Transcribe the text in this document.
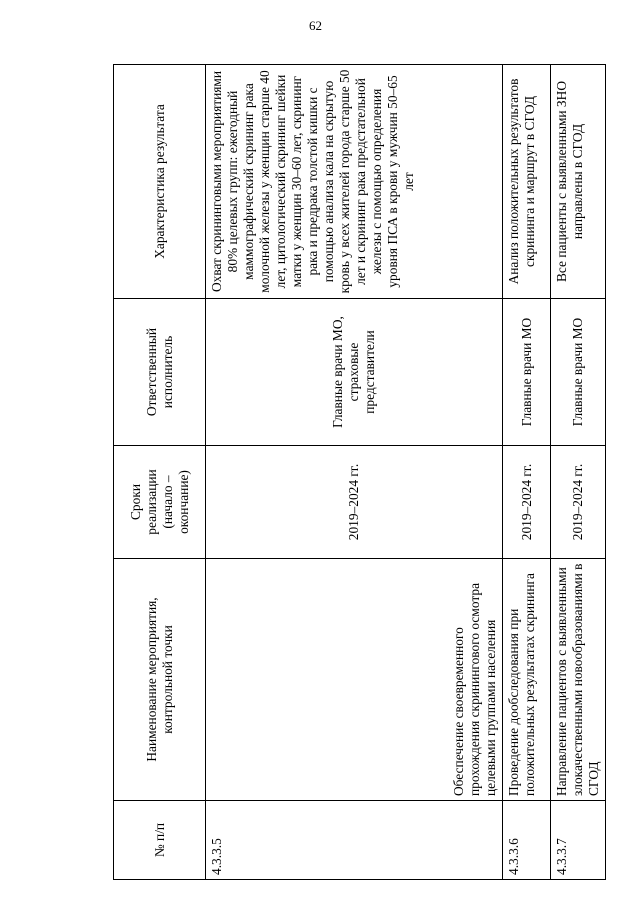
62
№ п/п	Наименование мероприятия, контрольной точки	Сроки реализации (начало – окончание)	Ответственный исполнитель	Характеристика результата
4.3.3.5	Обеспечение своевременного прохождения скринингового осмотра целевыми группами населения	2019–2024 гг.	Главные врачи МО, страховые представители	Охват скрининговыми мероприятиями 80% целевых групп: ежегодный маммографический скрининг рака молочной железы у женщин старше 40 лет, цитологический скрининг шейки матки у женщин 30–60 лет, скрининг рака и предрака толстой кишки с помощью анализа кала на скрытую кровь у всех жителей города старше 50 лет и скрининг рака предстательной железы с помощью определения уровня ПСА в крови у мужчин 50–65 лет
4.3.3.6	Проведение дообследования при положительных результатах скрининга	2019–2024 гг.	Главные врачи МО	Анализ положительных результатов скрининга и маршрут в СГОД
4.3.3.7	Направление пациентов с выявленными злокачественными новообразованиями в СГОД	2019–2024 гг.	Главные врачи МО	Все пациенты с выявленными ЗНО направлены в СГОД
